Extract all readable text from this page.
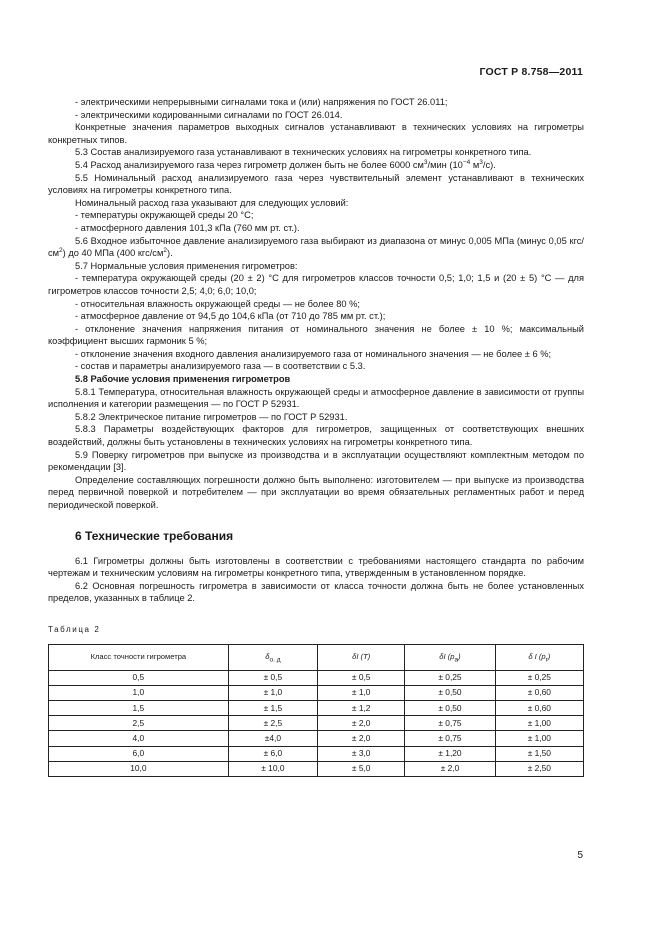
ГОСТ Р 8.758—2011

- электрическими непрерывными сигналами тока и (или) напряжения по ГОСТ 26.011;

- электрическими кодированными сигналами по ГОСТ 26.014.

Конкретные значения параметров выходных сигналов устанавливают в технических условиях на гигрометры конкретных типов.

5.3 Состав анализируемого газа устанавливают в технических условиях на гигрометры конкретного типа.

5.4 Расход анализируемого газа через гигрометр должен быть не более 6000 $см^3$/мин ($10^{-4}$ $м^3/с$).

5.5 Номинальный расход анализируемого газа через чувствительный элемент устанавливают в технических условиях на гигрометры конкретного типа.

Номинальный расход газа указывают для следующих условий:

- температуры окружающей среды 20 °С;

- атмосферного давления 101,3 кПа (760 мм рт. ст.).

5.6 Входное избыточное давление анализируемого газа выбирают из диапазона от минус 0,005 МПа (минус 0,05 кгс/$см^2$) до 40 МПа (400 кгс/$см^2$).

5.7 Нормальные условия применения гигрометров:

- температура окружающей среды (20 ± 2) °С для гигрометров классов точности 0,5; 1,0; 1,5 и (20 ± 5) °С — для гигрометров классов точности 2,5; 4,0; 6,0; 10,0;

- относительная влажность окружающей среды — не более 80 %;

- атмосферное давление от 94,5 до 104,6 кПа (от 710 до 785 мм рт. ст.);

- отклонение значения напряжения питания от номинального значения не более ± 10 %; максимальный коэффициент высших гармоник 5 %;

- отклонение значения входного давления анализируемого газа от номинального значения — не более ± 6 %;

- состав и параметры анализируемого газа — в соответствии с 5.3.

5.8 Рабочие условия применения гигрометров

5.8.1 Температура, относительная влажность окружающей среды и атмосферное давление в зависимости от группы исполнения и категории размещения — по ГОСТ Р 52931.

5.8.2 Электрическое питание гигрометров — по ГОСТ Р 52931.

5.8.3 Параметры воздействующих факторов для гигрометров, защищенных от соответствующих внешних воздействий, должны быть установлены в технических условиях на гигрометры конкретного типа.

5.9 Поверку гигрометров при выпуске из производства и в эксплуатации осуществляют комплектным методом по рекомендации [3].

Определение составляющих погрешности должно быть выполнено: изготовителем — при выпуске из производства перед первичной поверкой и потребителем — при эксплуатации во время обязательных регламентных работ и перед периодической поверкой.

6 Технические требования

6.1 Гигрометры должны быть изготовлены в соответствии с требованиями настоящего стандарта по рабочим чертежам и техническим условиям на гигрометры конкретного типа, утвержденным в установленном порядке.

6.2 Основная погрешность гигрометра в зависимости от класса точности должна быть не более установленных пределов, указанных в таблице 2.

Таблица 2
Класс точности гигрометра	$\delta_{о. д}$	δI (T)	δI $(p_a)$	δ I $(p_r)$
0,5	± 0,5	± 0,5	± 0,25	± 0,25
1,0	± 1,0	± 1,0	± 0,50	± 0,60
1,5	± 1,5	± 1,2	± 0,50	± 0,60
2,5	± 2,5	± 2,0	± 0,75	± 1,00
4,0	±4,0	± 2,0	± 0,75	± 1,00
6,0	± 6,0	± 3,0	± 1,20	± 1,50
10,0	± 10,0	± 5,0	± 2,0	± 2,50
5
